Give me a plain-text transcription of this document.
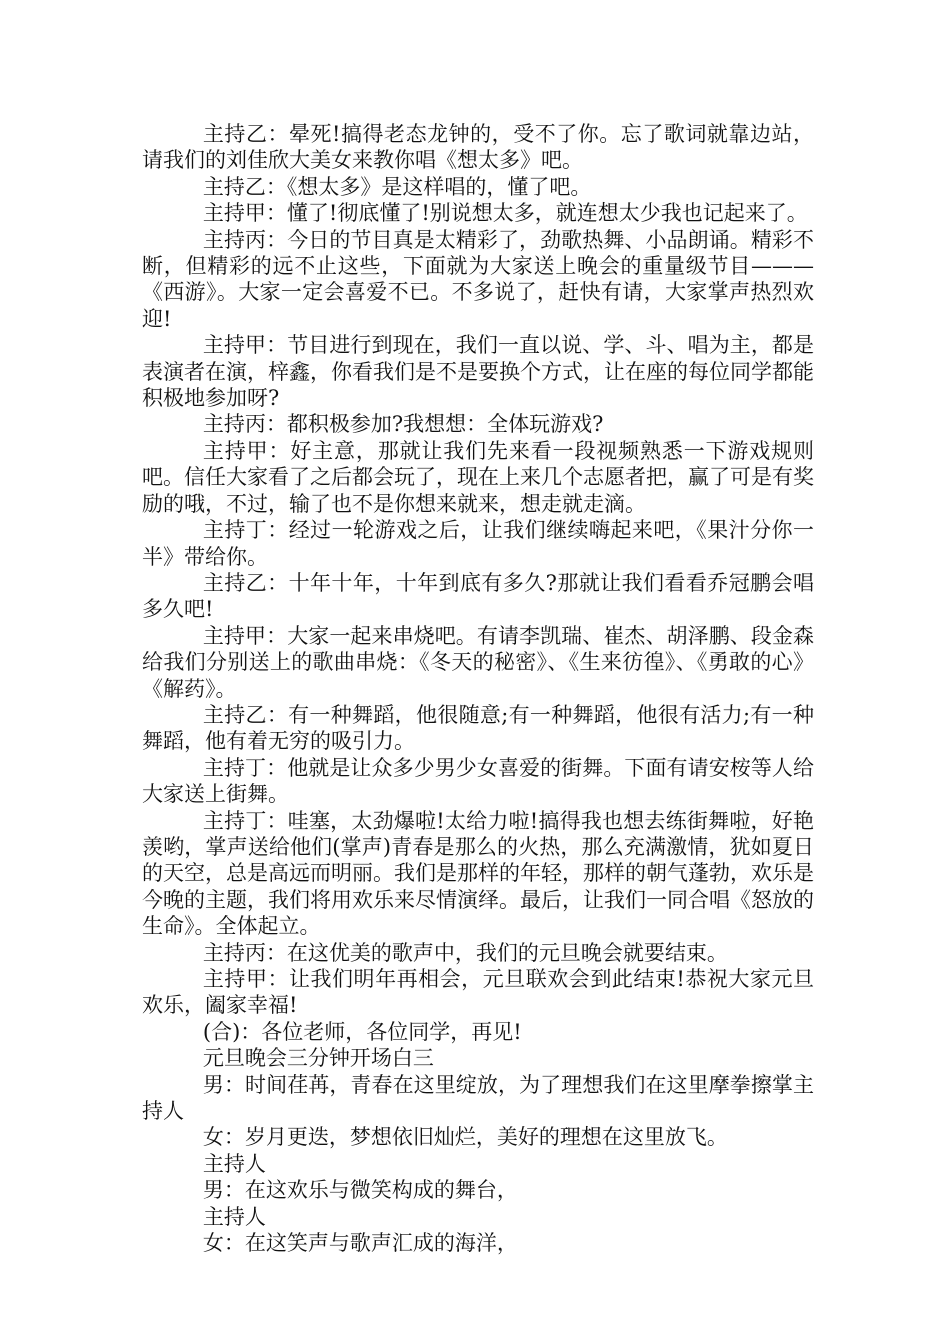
主持乙：晕死!搞得老态龙钟的，受不了你。忘了歌词就靠边站，请我们的刘佳欣大美女来教你唱《想太多》吧。

主持乙：《想太多》是这样唱的，懂了吧。

主持甲：懂了!彻底懂了!别说想太多，就连想太少我也记起来了。

主持丙：今日的节目真是太精彩了，劲歌热舞、小品朗诵。精彩不断，但精彩的远不止这些，下面就为大家送上晚会的重量级节目———《西游》。大家一定会喜爱不已。不多说了，赶快有请，大家掌声热烈欢迎!

主持甲：节目进行到现在，我们一直以说、学、斗、唱为主，都是表演者在演，梓鑫，你看我们是不是要换个方式，让在座的每位同学都能积极地参加呀?

主持丙：都积极参加?我想想：全体玩游戏?

主持甲：好主意，那就让我们先来看一段视频熟悉一下游戏规则吧。信任大家看了之后都会玩了，现在上来几个志愿者把，赢了可是有奖励的哦，不过，输了也不是你想来就来，想走就走滴。

主持丁：经过一轮游戏之后，让我们继续嗨起来吧，《果汁分你一半》带给你。

主持乙：十年十年，十年到底有多久?那就让我们看看乔冠鹏会唱多久吧!

主持甲：大家一起来串烧吧。有请李凯瑞、崔杰、胡泽鹏、段金森给我们分别送上的歌曲串烧：《冬天的秘密》、《生来彷徨》、《勇敢的心》《解药》。

主持乙：有一种舞蹈，他很随意;有一种舞蹈，他很有活力;有一种舞蹈，他有着无穷的吸引力。

主持丁：他就是让众多少男少女喜爱的街舞。下面有请安桉等人给大家送上街舞。

主持丁：哇塞，太劲爆啦!太给力啦!搞得我也想去练街舞啦，好艳羡哟，掌声送给他们(掌声)青春是那么的火热，那么充满激情，犹如夏日的天空，总是高远而明丽。我们是那样的年轻，那样的朝气蓬勃，欢乐是今晚的主题，我们将用欢乐来尽情演绎。最后，让我们一同合唱《怒放的生命》。全体起立。

主持丙：在这优美的歌声中，我们的元旦晚会就要结束。

主持甲：让我们明年再相会，元旦联欢会到此结束!恭祝大家元旦欢乐，阖家幸福!

(合)：各位老师，各位同学，再见!

元旦晚会三分钟开场白三

男：时间荏苒，青春在这里绽放，为了理想我们在这里摩拳擦掌主持人

女：岁月更迭，梦想依旧灿烂，美好的理想在这里放飞。

主持人

男：在这欢乐与微笑构成的舞台，

主持人

女：在这笑声与歌声汇成的海洋，
